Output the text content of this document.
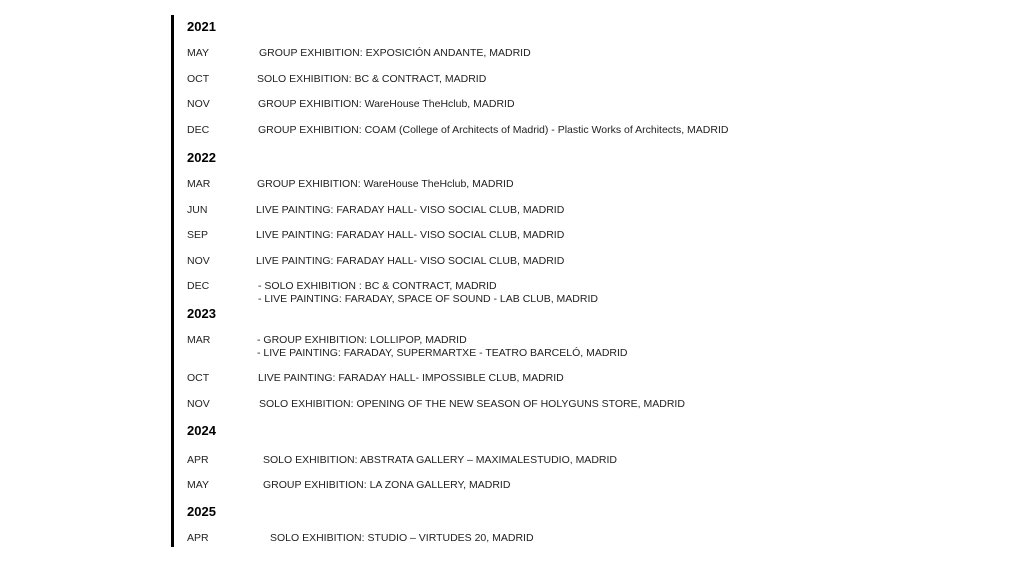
2021
MAY	GROUP EXHIBITION: EXPOSICIÓN ANDANTE, MADRID
OCT	SOLO EXHIBITION: BC & CONTRACT, MADRID
NOV	GROUP EXHIBITION: WareHouse TheHclub, MADRID
DEC	GROUP EXHIBITION: COAM (College of Architects of Madrid) - Plastic Works of Architects, MADRID
2022
MAR	GROUP EXHIBITION: WareHouse TheHclub, MADRID
JUN	LIVE PAINTING: FARADAY HALL- VISO SOCIAL CLUB, MADRID
SEP	LIVE PAINTING: FARADAY HALL- VISO SOCIAL CLUB, MADRID
NOV	LIVE PAINTING: FARADAY HALL- VISO SOCIAL CLUB, MADRID
DEC	- SOLO EXHIBITION : BC & CONTRACT, MADRID
- LIVE PAINTING: FARADAY, SPACE OF SOUND - LAB CLUB, MADRID
2023
MAR	- GROUP EXHIBITION: LOLLIPOP, MADRID
- LIVE PAINTING: FARADAY, SUPERMARTXE - TEATRO BARCELÓ, MADRID
OCT	LIVE PAINTING: FARADAY HALL- IMPOSSIBLE CLUB, MADRID
NOV	SOLO EXHIBITION: OPENING OF THE NEW SEASON OF HOLYGUNS STORE, MADRID
2024
APR	SOLO EXHIBITION: ABSTRATA GALLERY – MAXIMALESTUDIO, MADRID
MAY	GROUP EXHIBITION: LA ZONA GALLERY, MADRID
2025
APR	SOLO EXHIBITION: STUDIO – VIRTUDES 20, MADRID
